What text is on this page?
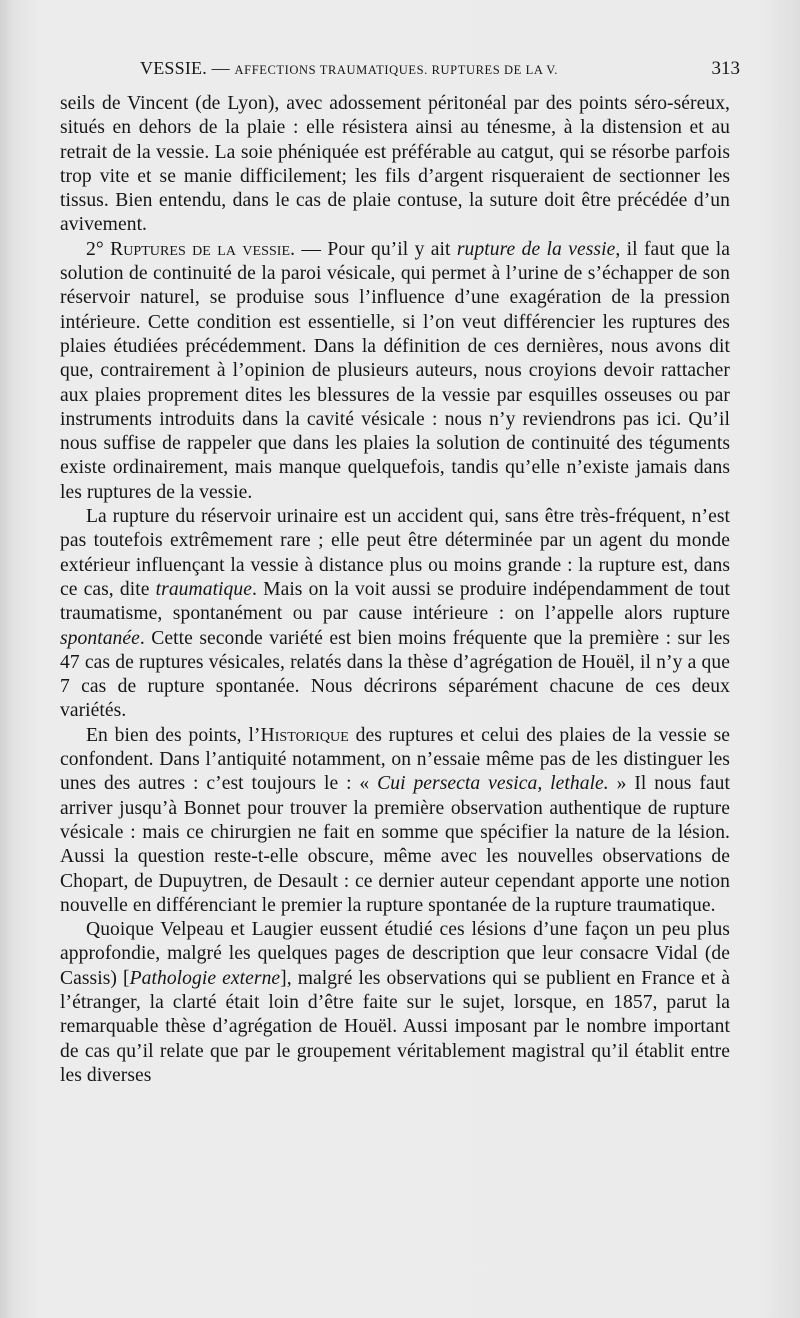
VESSIE. — AFFECTIONS TRAUMATIQUES. RUPTURES DE LA V.	313

seils de Vincent (de Lyon), avec adossement péritonéal par des points séro-séreux, situés en dehors de la plaie : elle résistera ainsi au ténesme, à la distension et au retrait de la vessie. La soie phéniquée est préférable au catgut, qui se résorbe parfois trop vite et se manie difficilement; les fils d’argent risqueraient de sectionner les tissus. Bien entendu, dans le cas de plaie contuse, la suture doit être précédée d’un avivement.

2° Ruptures de la vessie. — Pour qu’il y ait rupture de la vessie, il faut que la solution de continuité de la paroi vésicale, qui permet à l’urine de s’échapper de son réservoir naturel, se produise sous l’influence d’une exagération de la pression intérieure. Cette condition est essentielle, si l’on veut différencier les ruptures des plaies étudiées précédemment. Dans la définition de ces dernières, nous avons dit que, contrairement à l’opinion de plusieurs auteurs, nous croyions devoir rattacher aux plaies proprement dites les blessures de la vessie par esquilles osseuses ou par instruments introduits dans la cavité vésicale : nous n’y reviendrons pas ici. Qu’il nous suffise de rappeler que dans les plaies la solution de continuité des téguments existe ordinairement, mais manque quelquefois, tandis qu’elle n’existe jamais dans les ruptures de la vessie.

La rupture du réservoir urinaire est un accident qui, sans être très-fréquent, n’est pas toutefois extrêmement rare ; elle peut être déterminée par un agent du monde extérieur influençant la vessie à distance plus ou moins grande : la rupture est, dans ce cas, dite traumatique. Mais on la voit aussi se produire indépendamment de tout traumatisme, spontanément ou par cause intérieure : on l’appelle alors rupture spontanée. Cette seconde variété est bien moins fréquente que la première : sur les 47 cas de ruptures vésicales, relatés dans la thèse d’agrégation de Houël, il n’y a que 7 cas de rupture spontanée. Nous décrirons séparément chacune de ces deux variétés.

En bien des points, l’Historique des ruptures et celui des plaies de la vessie se confondent. Dans l’antiquité notamment, on n’essaie même pas de les distinguer les unes des autres : c’est toujours le : « Cui persecta vesica, lethale. » Il nous faut arriver jusqu’à Bonnet pour trouver la première observation authentique de rupture vésicale : mais ce chirurgien ne fait en somme que spécifier la nature de la lésion. Aussi la question reste-t-elle obscure, même avec les nouvelles observations de Chopart, de Dupuytren, de Desault : ce dernier auteur cependant apporte une notion nouvelle en différenciant le premier la rupture spontanée de la rupture traumatique.

Quoique Velpeau et Laugier eussent étudié ces lésions d’une façon un peu plus approfondie, malgré les quelques pages de description que leur consacre Vidal (de Cassis) [Pathologie externe], malgré les observations qui se publient en France et à l’étranger, la clarté était loin d’être faite sur le sujet, lorsque, en 1857, parut la remarquable thèse d’agrégation de Houël. Aussi imposant par le nombre important de cas qu’il relate que par le groupement véritablement magistral qu’il établit entre les diverses
